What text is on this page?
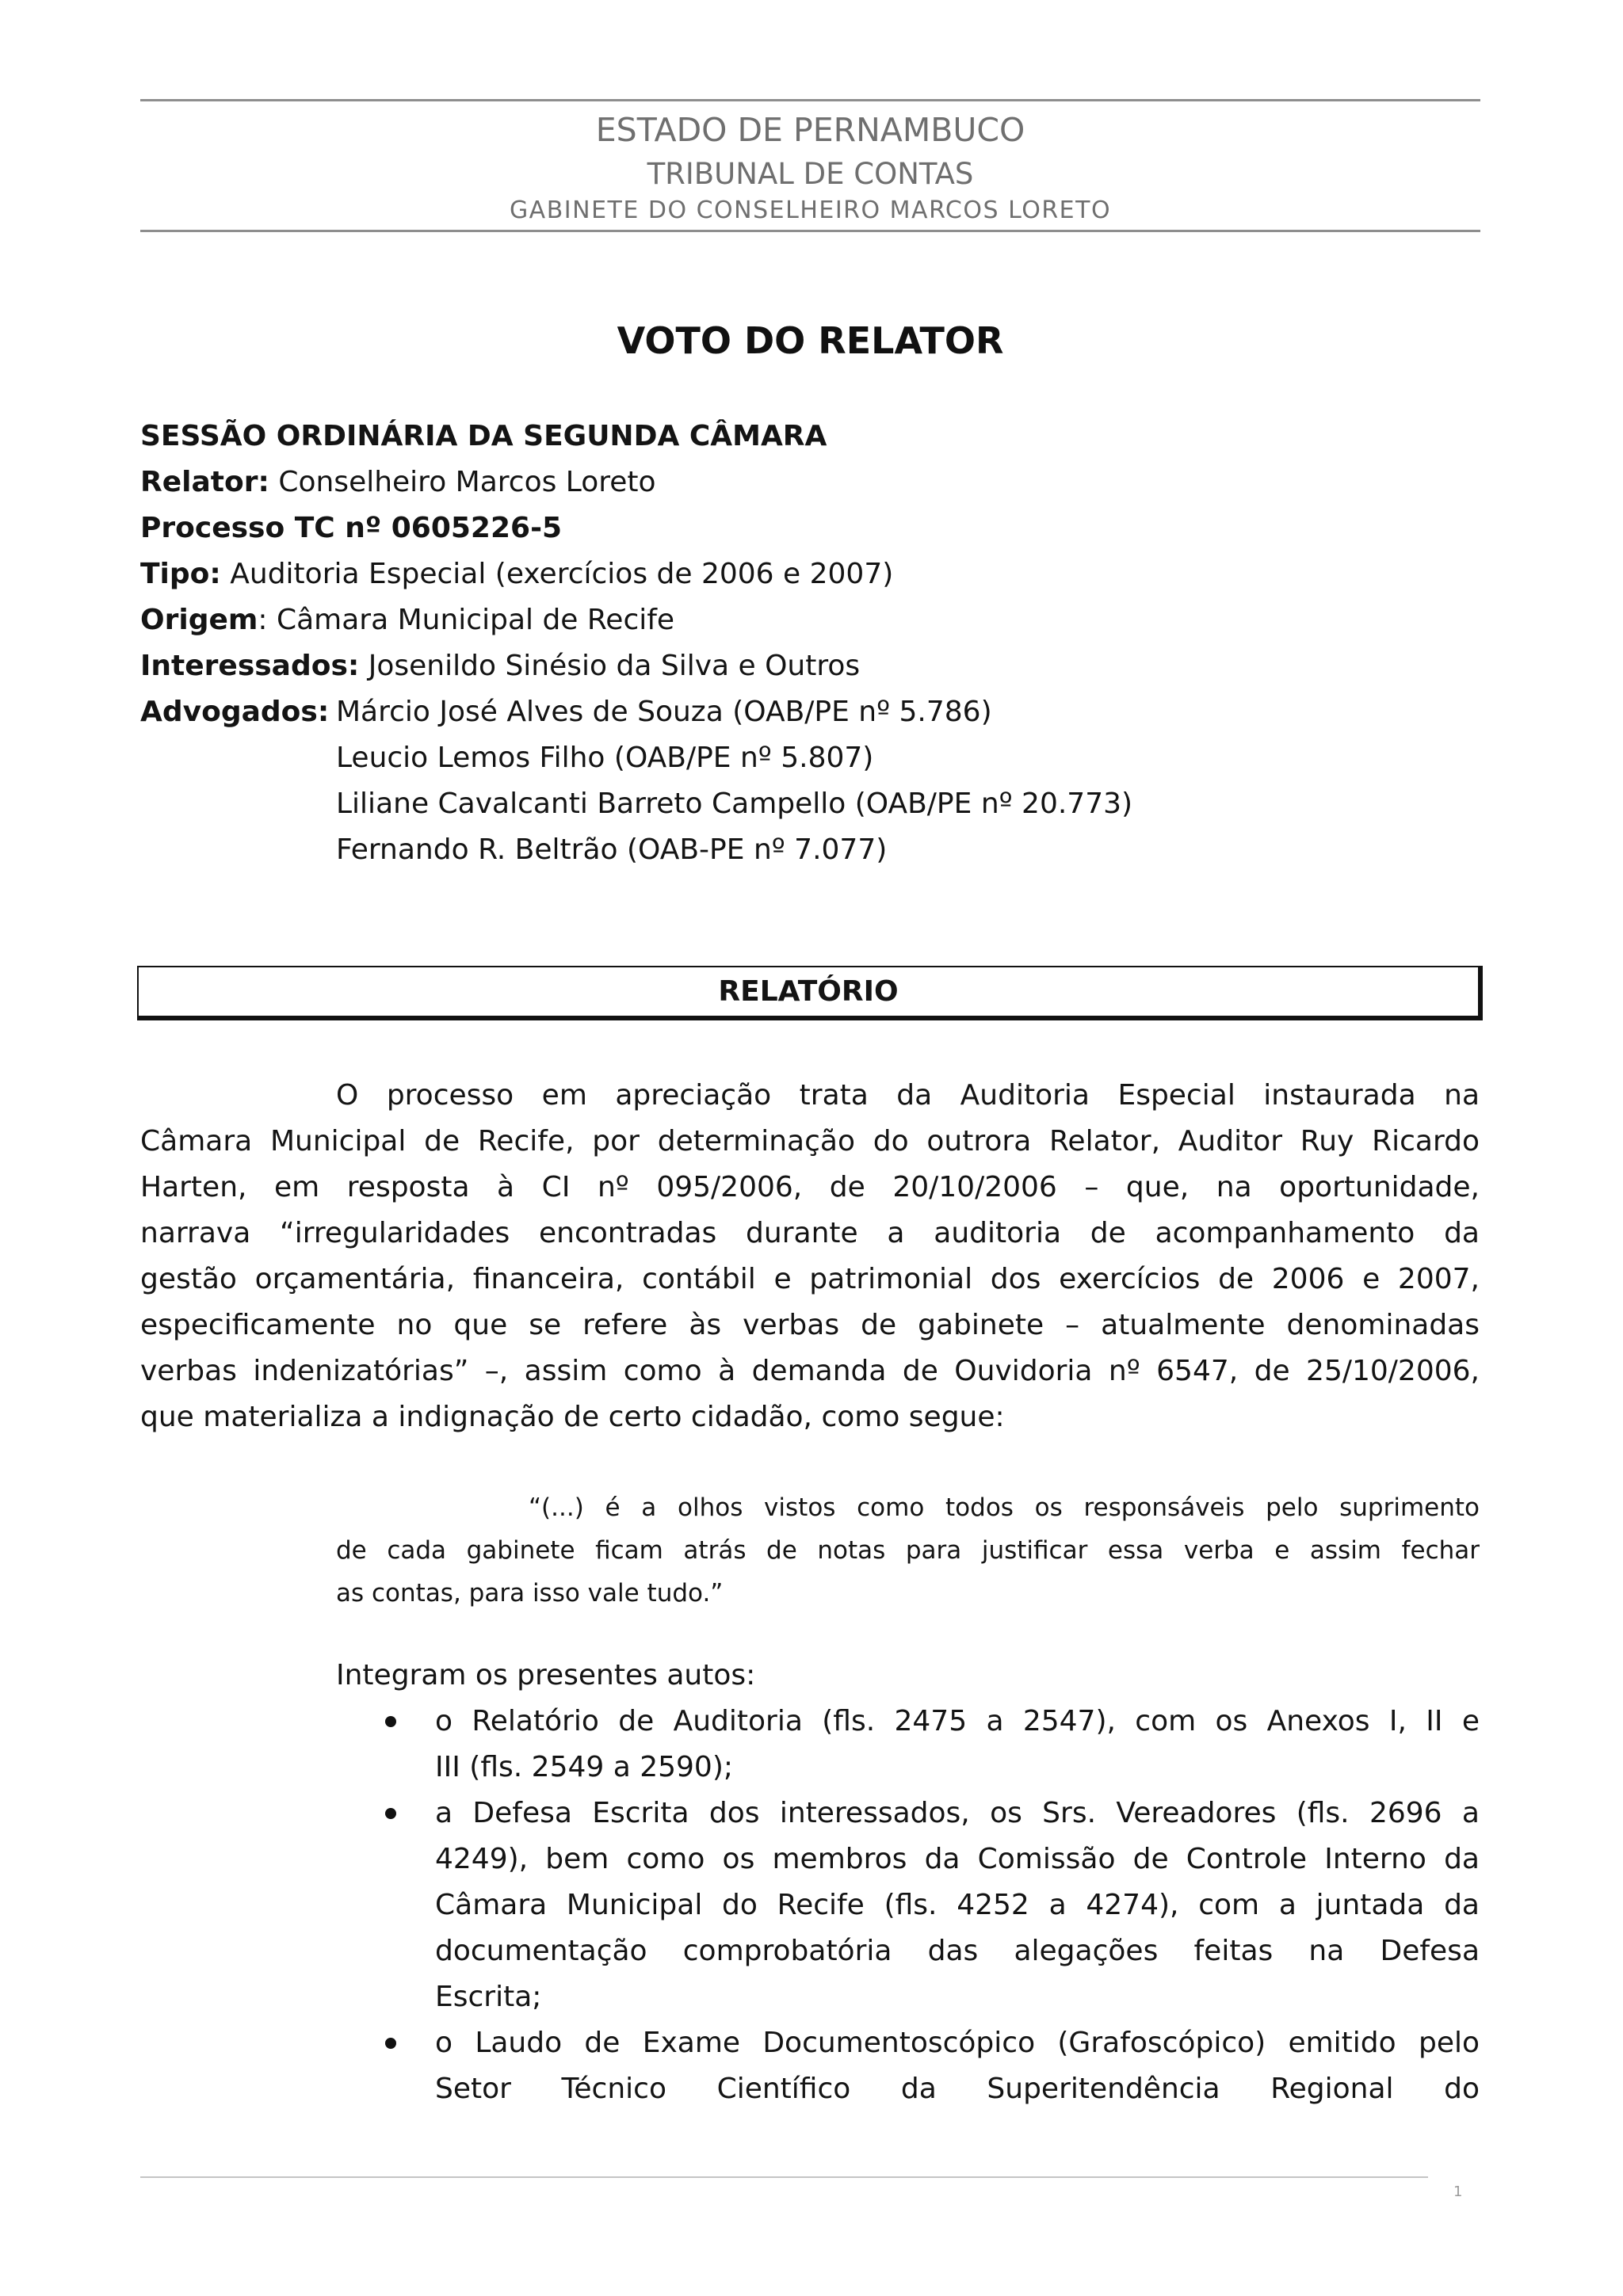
ESTADO DE PERNAMBUCO
TRIBUNAL DE CONTAS
GABINETE DO CONSELHEIRO MARCOS LORETO
VOTO DO RELATOR
SESSÃO ORDINÁRIA DA SEGUNDA CÂMARA
Relator: Conselheiro Marcos Loreto
Processo TC nº 0605226-5
Tipo: Auditoria Especial (exercícios de 2006 e 2007)
Origem: Câmara Municipal de Recife
Interessados: Josenildo Sinésio da Silva e Outros
Advogados: Márcio José Alves de Souza (OAB/PE nº 5.786)
Leucio Lemos Filho (OAB/PE nº 5.807)
Liliane Cavalcanti Barreto Campello (OAB/PE nº 20.773)
Fernando R. Beltrão (OAB-PE nº 7.077)
RELATÓRIO
O processo em apreciação trata da Auditoria Especial instaurada na
Câmara Municipal de Recife, por determinação do outrora Relator, Auditor Ruy Ricardo
Harten, em resposta à CI nº 095/2006, de 20/10/2006 – que, na oportunidade,
narrava “irregularidades encontradas durante a auditoria de acompanhamento da
gestão orçamentária, financeira, contábil e patrimonial dos exercícios de 2006 e 2007,
especificamente no que se refere às verbas de gabinete – atualmente denominadas
verbas indenizatórias” –, assim como à demanda de Ouvidoria nº 6547, de 25/10/2006,
que materializa a indignação de certo cidadão, como segue:
“(...) é a olhos vistos como todos os responsáveis pelo suprimento
de cada gabinete ficam atrás de notas para justificar essa verba e assim fechar
as contas, para isso vale tudo.”
Integram os presentes autos:
o Relatório de Auditoria (fls. 2475 a 2547), com os Anexos I, II e
III (fls. 2549 a 2590);
a Defesa Escrita dos interessados, os Srs. Vereadores (fls. 2696 a
4249), bem como os membros da Comissão de Controle Interno da
Câmara Municipal do Recife (fls. 4252 a 4274), com a juntada da
documentação comprobatória das alegações feitas na Defesa
Escrita;
o Laudo de Exame Documentoscópico (Grafoscópico) emitido pelo
Setor Técnico Científico da Superitendência Regional do
1
